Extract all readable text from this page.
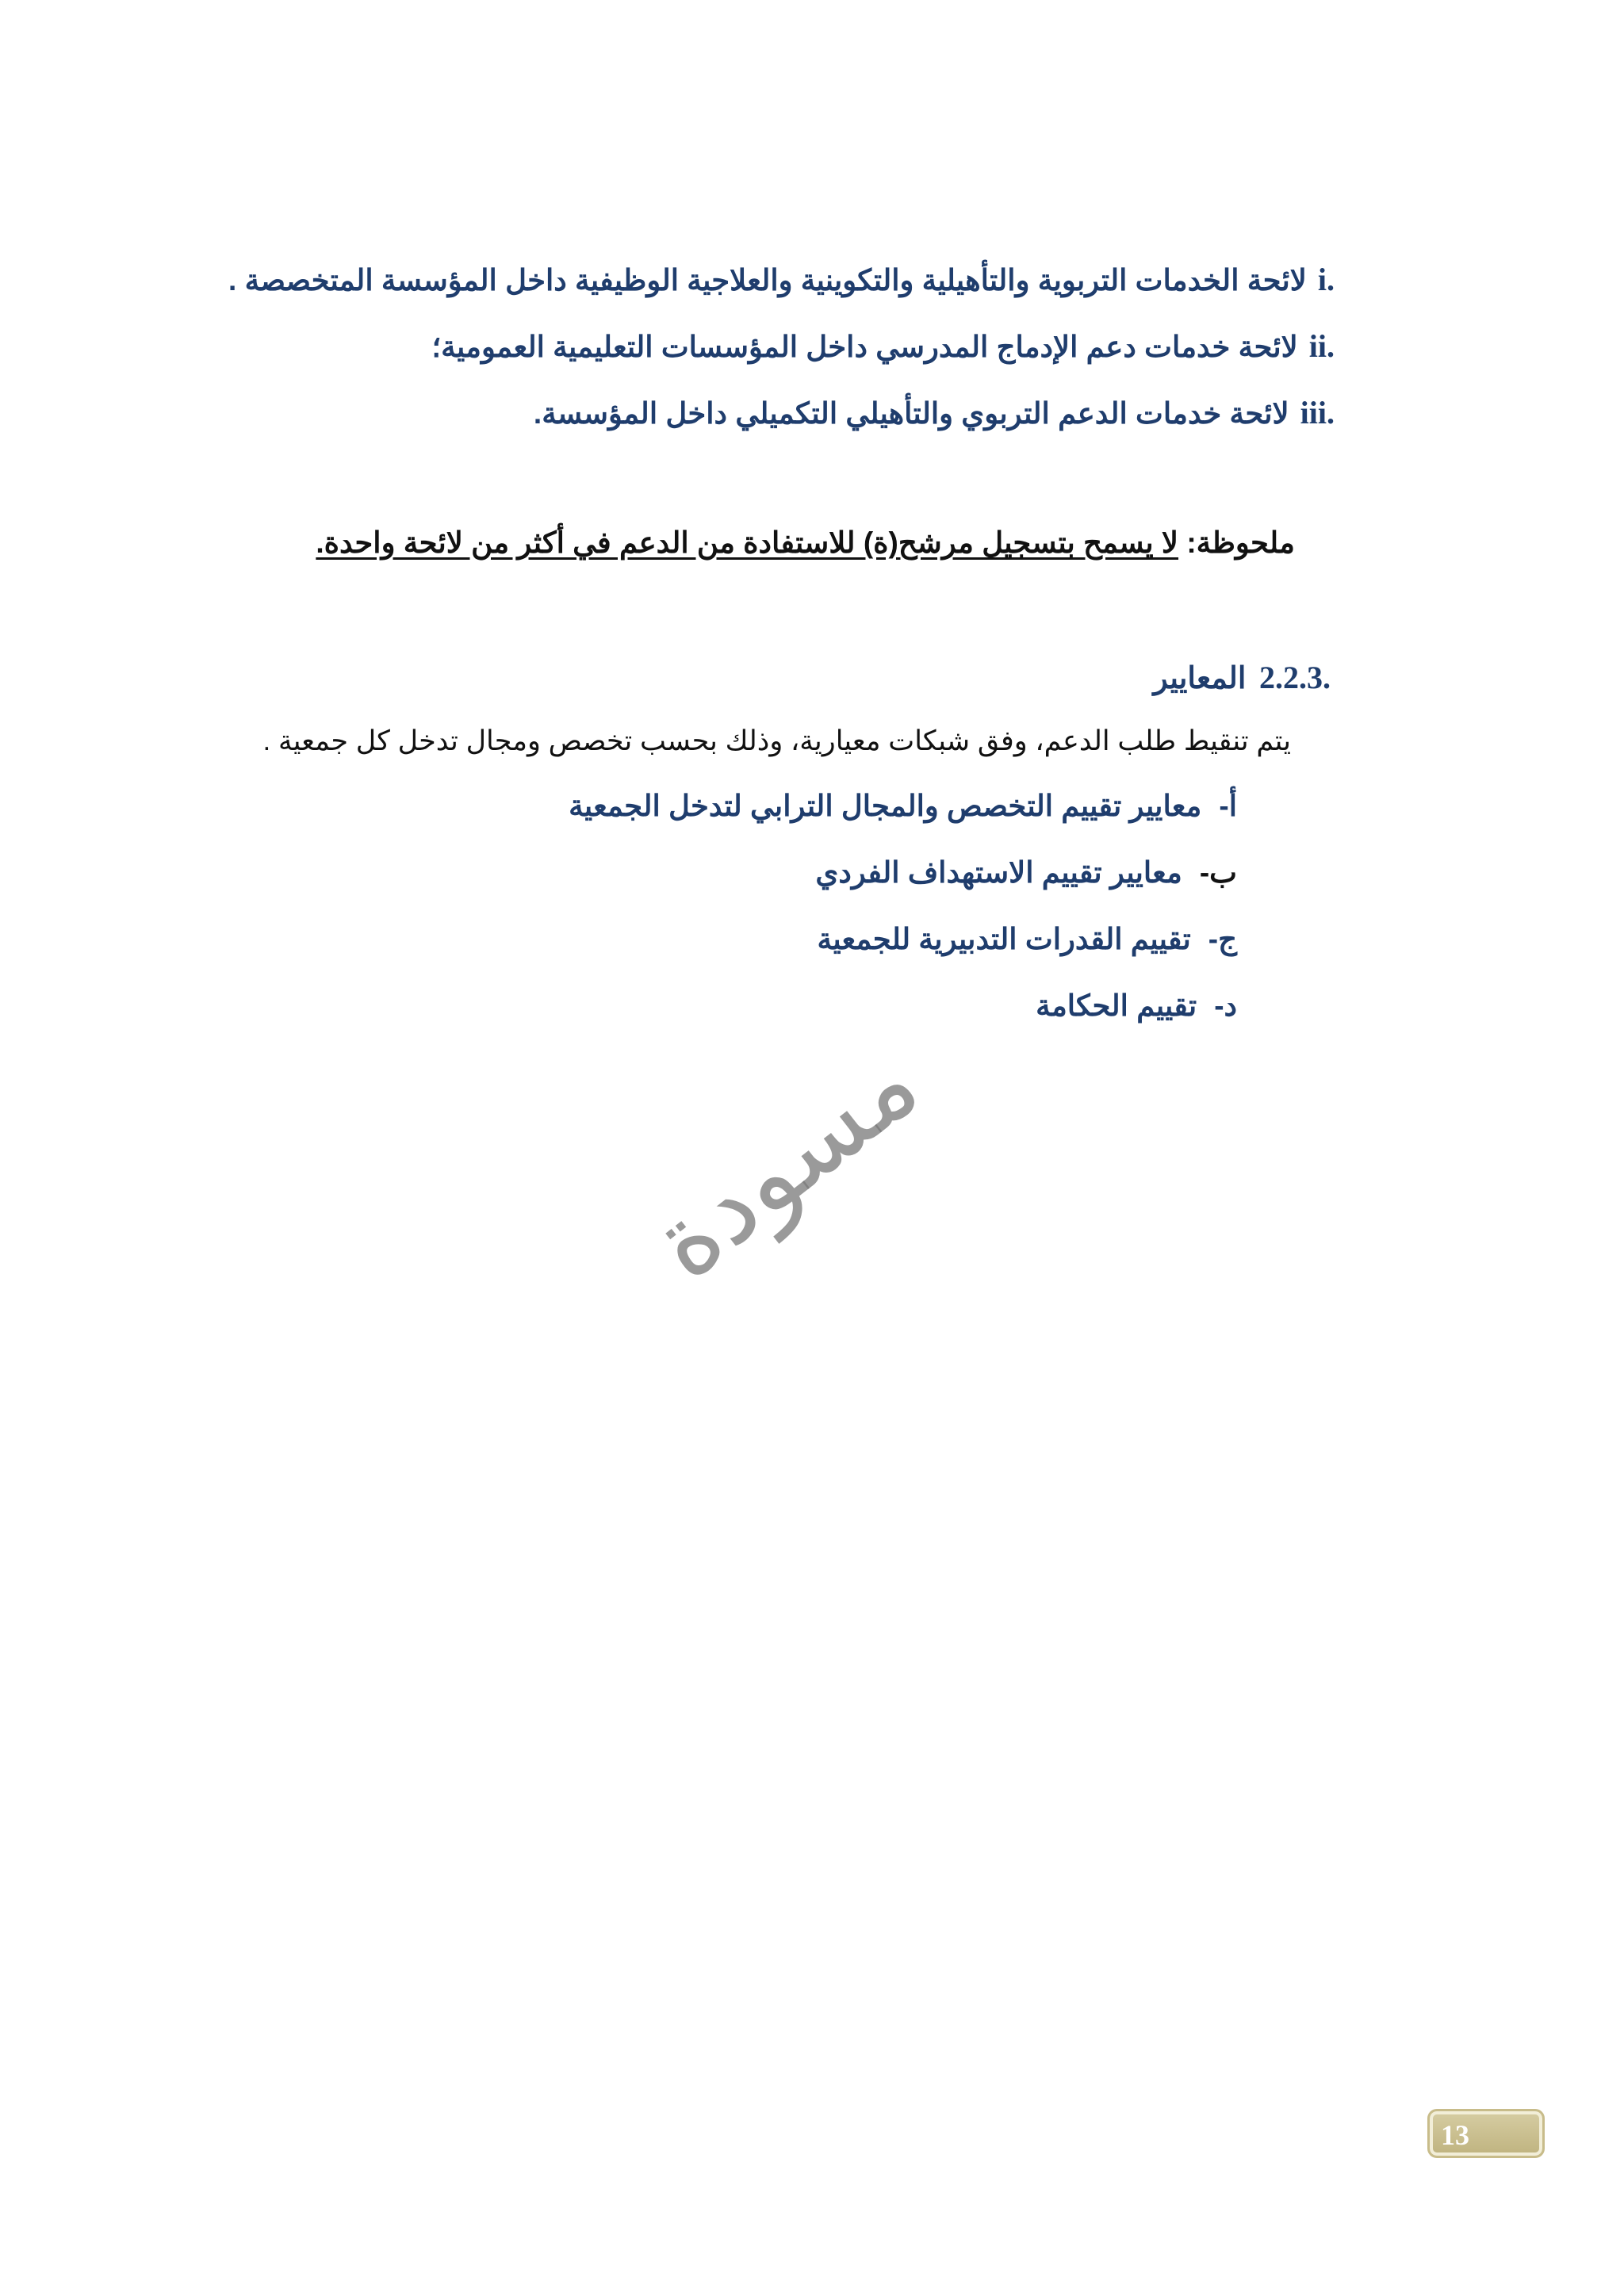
i.لائحة الخدمات التربوية والتأهيلية والتكوينية والعلاجية الوظيفية داخل المؤسسة المتخصصة .
ii.لائحة خدمات دعم الإدماج المدرسي داخل المؤسسات التعليمية العمومية؛
iii.لائحة خدمات الدعم التربوي والتأهيلي التكميلي داخل المؤسسة.
ملحوظة: لا يسمح بتسجيل مرشح(ة) للاستفادة من الدعم في أكثر من لائحة واحدة.
2.2.3. المعايير
يتم تنقيط طلب الدعم، وفق شبكات معيارية، وذلك بحسب تخصص ومجال تدخل كل جمعية .
أ-معايير تقييم التخصص والمجال الترابي لتدخل الجمعية
ب-معايير تقييم الاستهداف الفردي
ج-تقييم القدرات التدبيرية للجمعية
د-تقييم الحكامة
مسودة
13
